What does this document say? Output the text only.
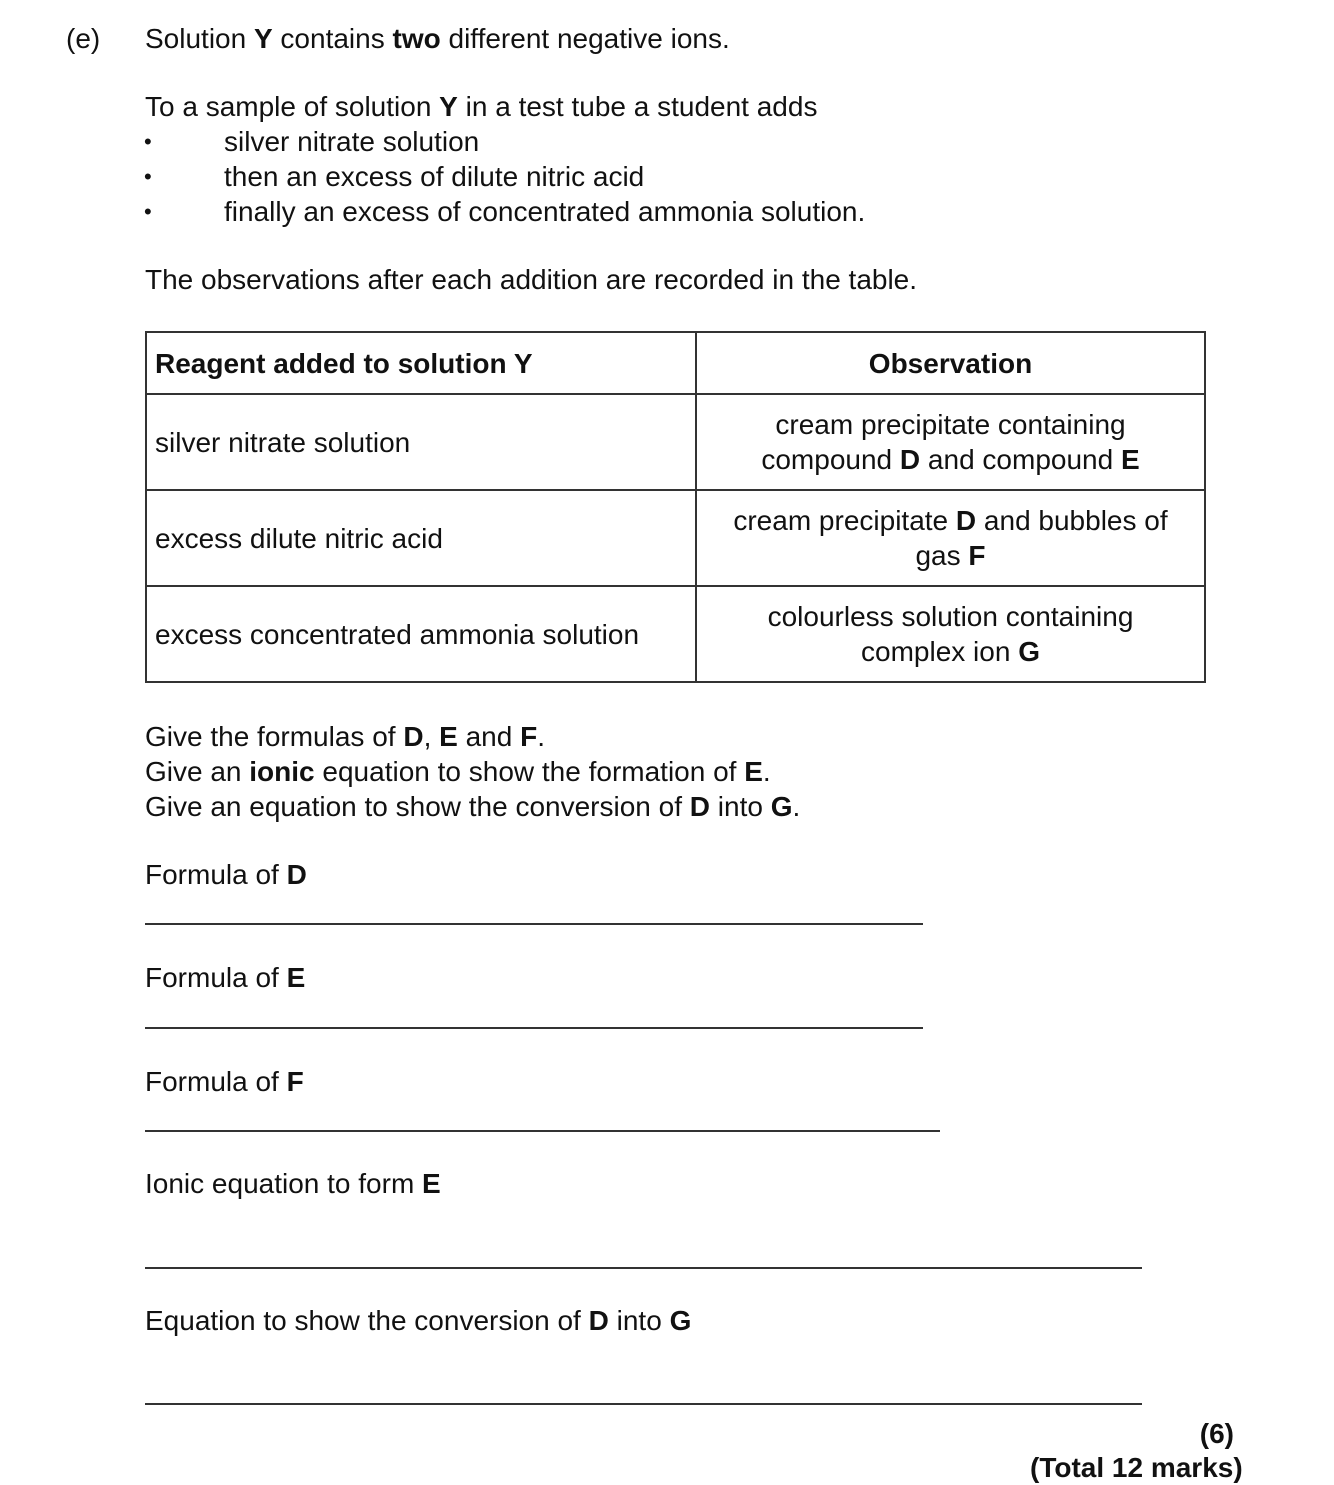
(e) Solution Y contains two different negative ions.
To a sample of solution Y in a test tube a student adds
•	silver nitrate solution
•	then an excess of dilute nitric acid
•	finally an excess of concentrated ammonia solution.
The observations after each addition are recorded in the table.
Reagent added to solution Y	Observation
silver nitrate solution	cream precipitate containing
compound D and compound E

excess dilute nitric acid	cream precipitate D and bubbles of
gas F

excess concentrated ammonia solution	colourless solution containing
complex ion G
Give the formulas of D, E and F.
Give an ionic equation to show the formation of E.
Give an equation to show the conversion of D into G.
Formula of D
Formula of E
Formula of F
Ionic equation to form E
Equation to show the conversion of D into G
(6)
(Total 12 marks)
